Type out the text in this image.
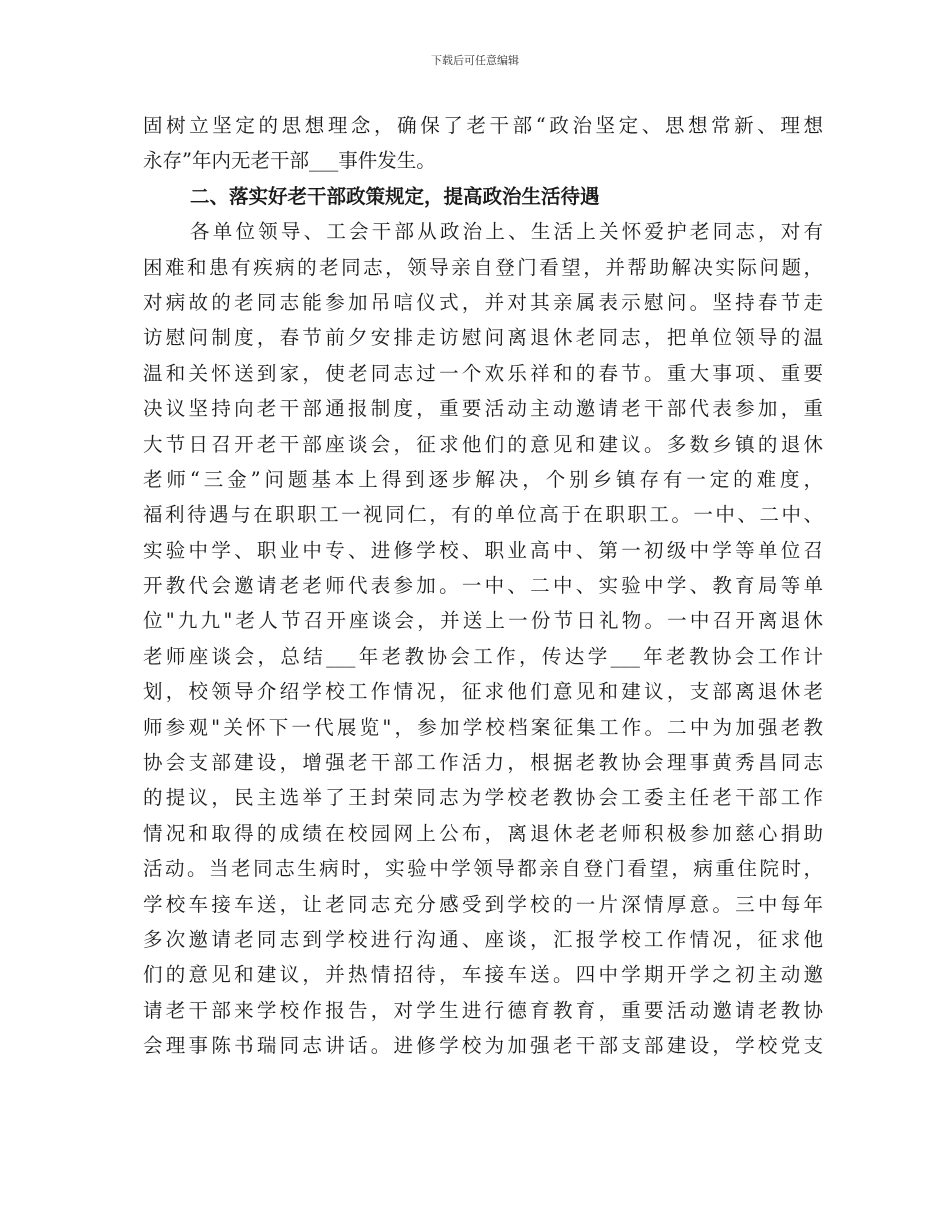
下载后可任意编辑
固树立坚定的思想理念，确保了老干部“政治坚定、思想常新、理想
永存”年内无老干部___事件发生。
二、落实好老干部政策规定，提高政治生活待遇
各单位领导、工会干部从政治上、生活上关怀爱护老同志，对有
困难和患有疾病的老同志，领导亲自登门看望，并帮助解决实际问题，
对病故的老同志能参加吊唁仪式，并对其亲属表示慰问。坚持春节走
访慰问制度，春节前夕安排走访慰问离退休老同志，把单位领导的温
温和关怀送到家，使老同志过一个欢乐祥和的春节。重大事项、重要
决议坚持向老干部通报制度，重要活动主动邀请老干部代表参加，重
大节日召开老干部座谈会，征求他们的意见和建议。多数乡镇的退休
老师“三金”问题基本上得到逐步解决，个别乡镇存有一定的难度，
福利待遇与在职职工一视同仁，有的单位高于在职职工。一中、二中、
实验中学、职业中专、进修学校、职业高中、第一初级中学等单位召
开教代会邀请老老师代表参加。一中、二中、实验中学、教育局等单
位"九九"老人节召开座谈会，并送上一份节日礼物。一中召开离退休
老师座谈会，总结___年老教协会工作，传达学___年老教协会工作计
划，校领导介绍学校工作情况，征求他们意见和建议，支部离退休老
师参观"关怀下一代展览"，参加学校档案征集工作。二中为加强老教
协会支部建设，增强老干部工作活力，根据老教协会理事黄秀昌同志
的提议，民主选举了王封荣同志为学校老教协会工委主任老干部工作
情况和取得的成绩在校园网上公布，离退休老老师积极参加慈心捐助
活动。当老同志生病时，实验中学领导都亲自登门看望，病重住院时，
学校车接车送，让老同志充分感受到学校的一片深情厚意。三中每年
多次邀请老同志到学校进行沟通、座谈，汇报学校工作情况，征求他
们的意见和建议，并热情招待，车接车送。四中学期开学之初主动邀
请老干部来学校作报告，对学生进行德育教育，重要活动邀请老教协
会理事陈书瑞同志讲话。进修学校为加强老干部支部建设，学校党支
